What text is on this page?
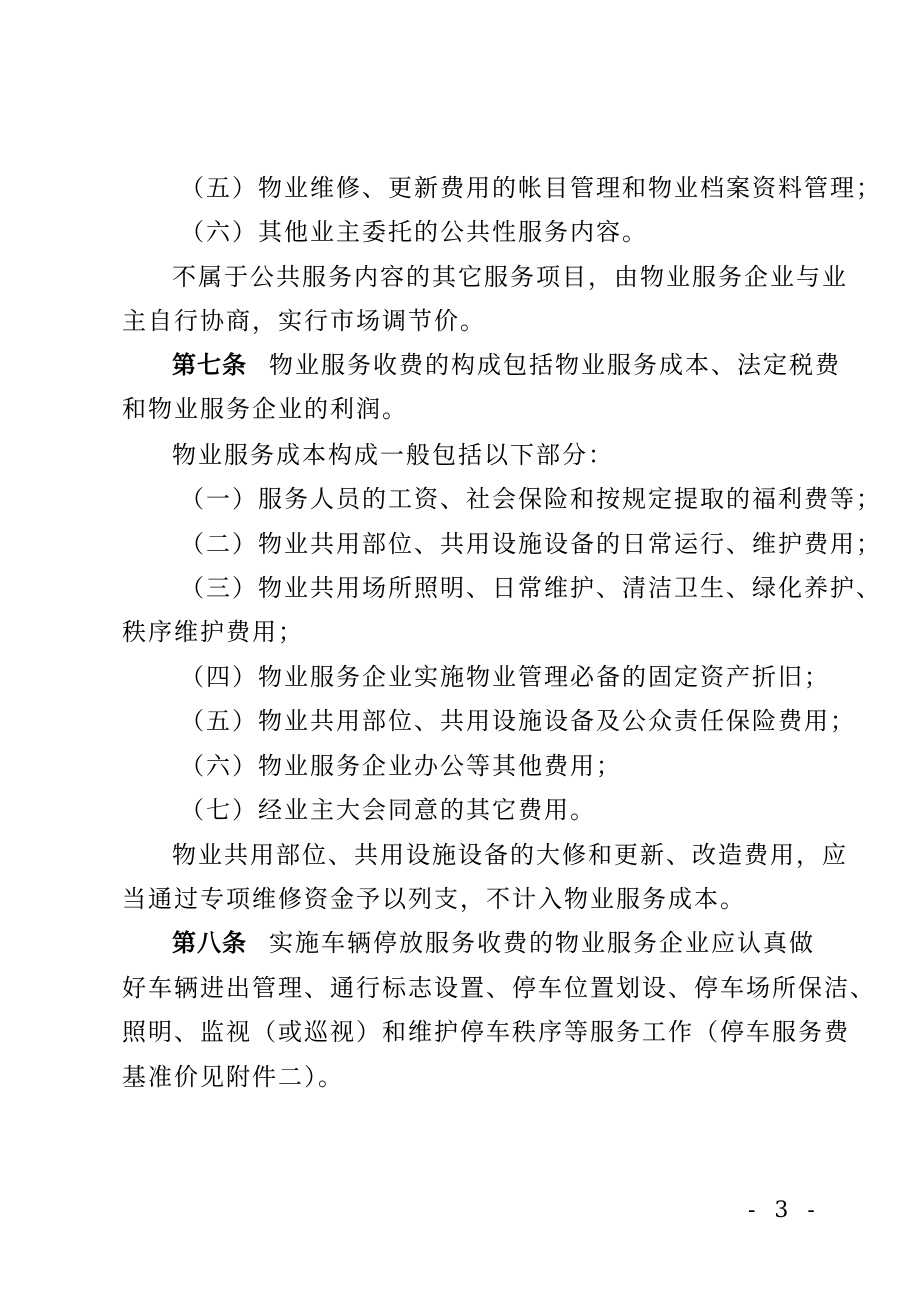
（五）物业维修、更新费用的帐目管理和物业档案资料管理；
（六）其他业主委托的公共性服务内容。
不属于公共服务内容的其它服务项目，由物业服务企业与业
主自行协商，实行市场调节价。
第七条 物业服务收费的构成包括物业服务成本、法定税费
和物业服务企业的利润。
物业服务成本构成一般包括以下部分：
（一）服务人员的工资、社会保险和按规定提取的福利费等；
（二）物业共用部位、共用设施设备的日常运行、维护费用；
（三）物业共用场所照明、日常维护、清洁卫生、绿化养护、
秩序维护费用；
（四）物业服务企业实施物业管理必备的固定资产折旧；
（五）物业共用部位、共用设施设备及公众责任保险费用；
（六）物业服务企业办公等其他费用；
（七）经业主大会同意的其它费用。
物业共用部位、共用设施设备的大修和更新、改造费用，应
当通过专项维修资金予以列支，不计入物业服务成本。
第八条 实施车辆停放服务收费的物业服务企业应认真做
好车辆进出管理、通行标志设置、停车位置划设、停车场所保洁、
照明、监视（或巡视）和维护停车秩序等服务工作（停车服务费
基准价见附件二）。
- 3 -
